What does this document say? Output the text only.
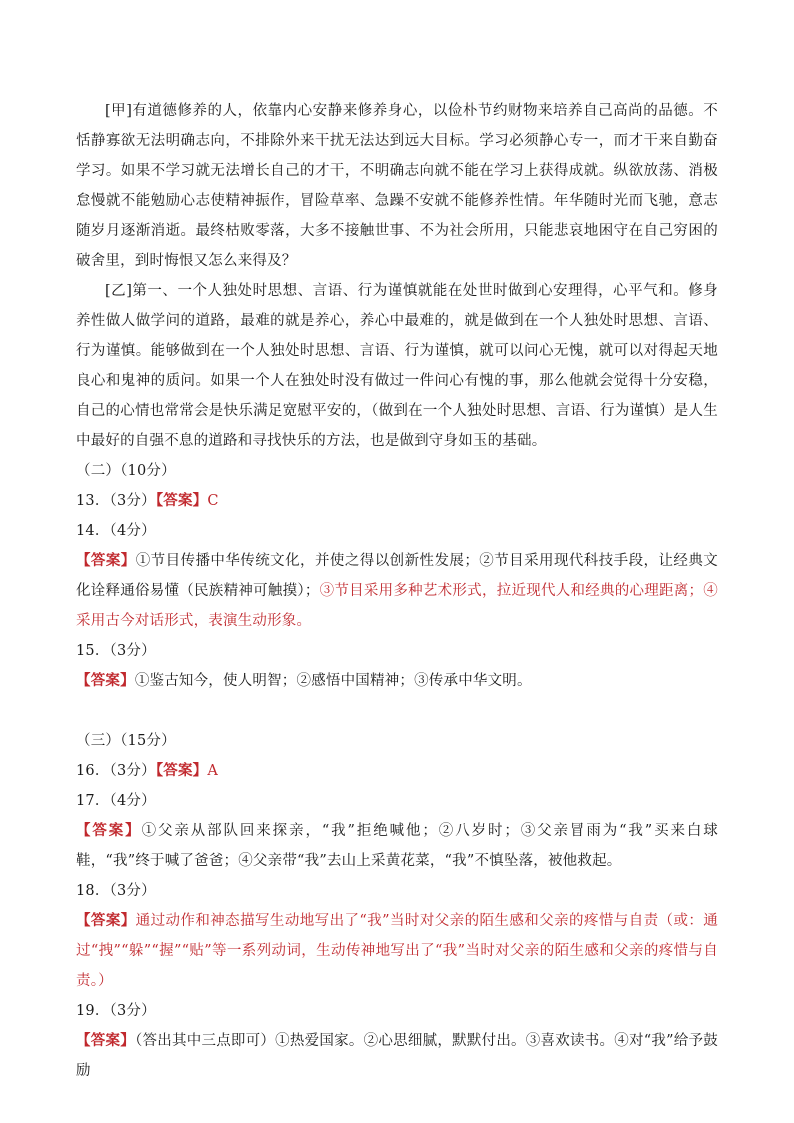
[甲]有道德修养的人，依靠内心安静来修养身心，以俭朴节约财物来培养自己高尚的品德。不恬静寡欲无法明确志向，不排除外来干扰无法达到远大目标。学习必须静心专一，而才干来自勤奋学习。如果不学习就无法增长自己的才干，不明确志向就不能在学习上获得成就。纵欲放荡、消极怠慢就不能勉励心志使精神振作，冒险草率、急躁不安就不能修养性情。年华随时光而飞驰，意志随岁月逐渐消逝。最终枯败零落，大多不接触世事、不为社会所用，只能悲哀地困守在自己穷困的破舍里，到时悔恨又怎么来得及？

[乙]第一、一个人独处时思想、言语、行为谨慎就能在处世时做到心安理得，心平气和。修身养性做人做学问的道路，最难的就是养心，养心中最难的，就是做到在一个人独处时思想、言语、行为谨慎。能够做到在一个人独处时思想、言语、行为谨慎，就可以问心无愧，就可以对得起天地良心和鬼神的质问。如果一个人在独处时没有做过一件问心有愧的事，那么他就会觉得十分安稳，自己的心情也常常会是快乐满足宽慰平安的，（做到在一个人独处时思想、言语、行为谨慎）是人生中最好的自强不息的道路和寻找快乐的方法，也是做到守身如玉的基础。

（二）（10分）

13．（3分）【答案】C

14．（4分）

【答案】①节目传播中华传统文化，并使之得以创新性发展；②节目采用现代科技手段，让经典文化诠释通俗易懂（民族精神可触摸）；③节目采用多种艺术形式，拉近现代人和经典的心理距离；④采用古今对话形式，表演生动形象。

15．（3分）

【答案】①鉴古知今，使人明智；②感悟中国精神；③传承中华文明。

（三）（15分）

16．（3分）【答案】A

17．（4分）

【答案】①父亲从部队回来探亲，“我”拒绝喊他；②八岁时；③父亲冒雨为“我”买来白球鞋，“我”终于喊了爸爸；④父亲带“我”去山上采黄花菜，“我”不慎坠落，被他救起。

18．（3分）

【答案】通过动作和神态描写生动地写出了“我”当时对父亲的陌生感和父亲的疼惜与自责（或：通过“拽”“躲”“握”“贴”等一系列动词，生动传神地写出了“我”当时对父亲的陌生感和父亲的疼惜与自责。）

19．（3分）

【答案】（答出其中三点即可）①热爱国家。②心思细腻，默默付出。③喜欢读书。④对“我”给予鼓励
